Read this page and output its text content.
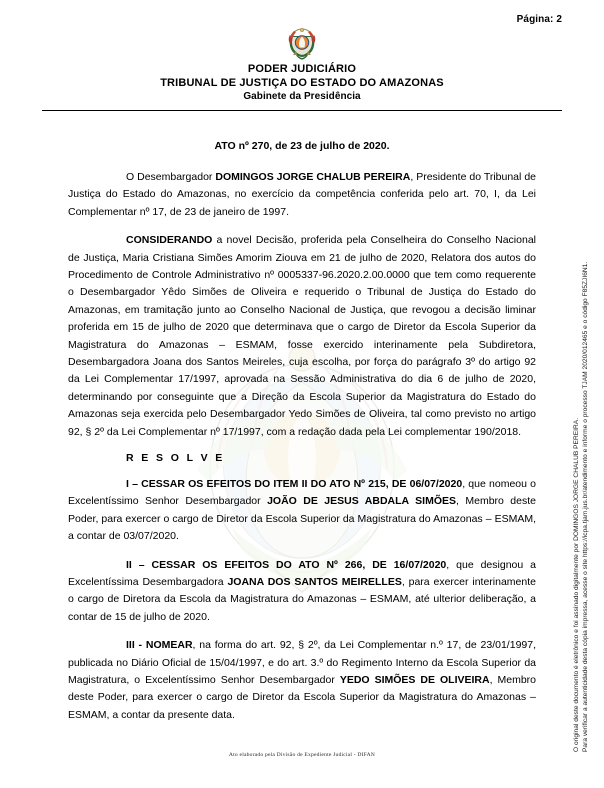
Página: 2
PODER JUDICIÁRIO
TRIBUNAL DE JUSTIÇA DO ESTADO DO AMAZONAS
Gabinete da Presidência

ATO nº 270, de 23 de julho de 2020.

O Desembargador DOMINGOS JORGE CHALUB PEREIRA, Presidente do Tribunal de Justiça do Estado do Amazonas, no exercício da competência conferida pelo art. 70, I, da Lei Complementar nº 17, de 23 de janeiro de 1997.

CONSIDERANDO a novel Decisão, proferida pela Conselheira do Conselho Nacional de Justiça, Maria Cristiana Simões Amorim Ziouva em 21 de julho de 2020, Relatora dos autos do Procedimento de Controle Administrativo nº 0005337-96.2020.2.00.0000 que tem como requerente o Desembargador Yêdo Simões de Oliveira e requerido o Tribunal de Justiça do Estado do Amazonas, em tramitação junto ao Conselho Nacional de Justiça, que revogou a decisão liminar proferida em 15 de julho de 2020 que determinava que o cargo de Diretor da Escola Superior da Magistratura do Amazonas – ESMAM, fosse exercido interinamente pela Subdiretora, Desembargadora Joana dos Santos Meireles, cuja escolha, por força do parágrafo 3º do artigo 92 da Lei Complementar 17/1997, aprovada na Sessão Administrativa do dia 6 de julho de 2020, determinando por conseguinte que a Direção da Escola Superior da Magistratura do Estado do Amazonas seja exercida pelo Desembargador Yedo Simões de Oliveira, tal como previsto no artigo 92, § 2º da Lei Complementar nº 17/1997, com a redação dada pela Lei complementar 190/2018.

R E S O L V E

I – CESSAR OS EFEITOS DO ITEM II DO ATO Nº 215, DE 06/07/2020, que nomeou o Excelentíssimo Senhor Desembargador JOÃO DE JESUS ABDALA SIMÕES, Membro deste Poder, para exercer o cargo de Diretor da Escola Superior da Magistratura do Amazonas – ESMAM, a contar de 03/07/2020.

II – CESSAR OS EFEITOS DO ATO Nº 266, DE 16/07/2020, que designou a Excelentíssima Desembargadora JOANA DOS SANTOS MEIRELLES, para exercer interinamente o cargo de Diretora da Escola da Magistratura do Amazonas – ESMAM, até ulterior deliberação, a contar de 15 de julho de 2020.

III - NOMEAR, na forma do art. 92, § 2º, da Lei Complementar n.º 17, de 23/01/1997, publicada no Diário Oficial de 15/04/1997, e do art. 3.º do Regimento Interno da Escola Superior da Magistratura, o Excelentíssimo Senhor Desembargador YEDO SIMÕES DE OLIVEIRA, Membro deste Poder, para exercer o cargo de Diretor da Escola Superior da Magistratura do Amazonas – ESMAM, a contar da presente data.	O original deste documento é eletrônico e foi assinado digitalmente por DOMINGOS JORGE CHALUB PEREIRA. Para verificar a autenticidade desta cópia impressa, acesse o site https://icpa.tjam.jus.br/atendimento e informe o processo TJAM 2020/012465 e o código F85ZJI6N1.
Ato elaborado pela Divisão de Expediente Judicial - DIFAN
